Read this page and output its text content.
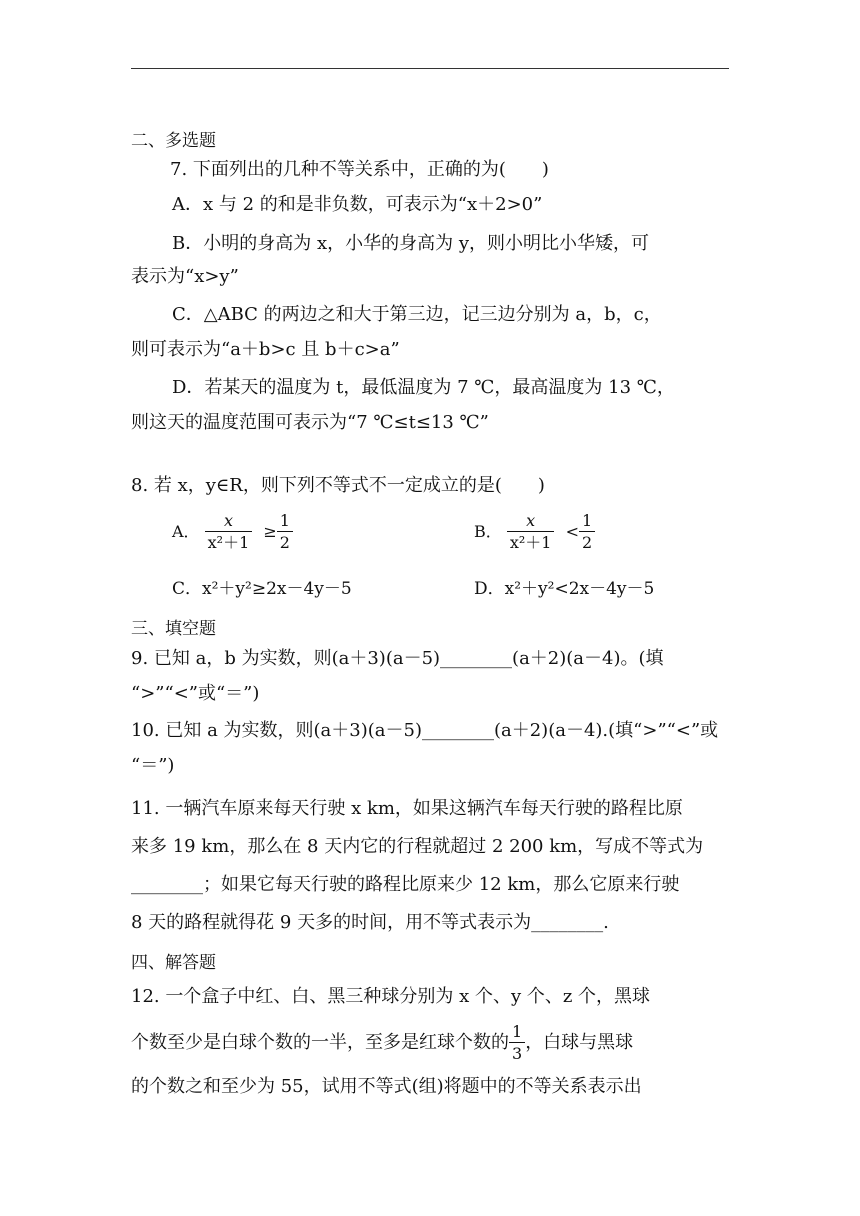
二、多选题
7. 下面列出的几种不等关系中，正确的为(　　)
A．x 与 2 的和是非负数，可表示为“x＋2>0”
B．小明的身高为 x，小华的身高为 y，则小明比小华矮，可
表示为“x>y”
C．△ABC 的两边之和大于第三边，记三边分别为 a，b，c，
则可表示为“a＋b>c 且 b＋c>a”
D．若某天的温度为 t，最低温度为 7 ℃，最高温度为 13 ℃，
则这天的温度范围可表示为“7 ℃≤t≤13 ℃”
8. 若 x，y∈R，则下列不等式不一定成立的是(　　)
A． $\frac{x}{\text{x²＋1}} \ge \frac{1}{2}$	B． $\frac{x}{\text{x²＋1}} < \frac{1}{2}$
C．x²＋y²≥2x－4y－5	D．x²＋y²<2x－4y－5
三、填空题
9. 已知 a，b 为实数，则(a＋3)(a－5)________(a＋2)(a－4)。(填
“>”“<”或“＝”)
10. 已知 a 为实数，则(a＋3)(a－5)________(a＋2)(a－4).(填“>”“<”或
“＝”)
11. 一辆汽车原来每天行驶 x km，如果这辆汽车每天行驶的路程比原
来多 19 km，那么在 8 天内它的行程就超过 2 200 km，写成不等式为
________；如果它每天行驶的路程比原来少 12 km，那么它原来行驶
8 天的路程就得花 9 天多的时间，用不等式表示为________.
四、解答题
12. 一个盒子中红、白、黑三种球分别为 x 个、y 个、z 个，黑球
个数至少是白球个数的一半，至多是红球个数的 $\frac{1}{3}$ ，白球与黑球
的个数之和至少为 55，试用不等式(组)将题中的不等关系表示出
